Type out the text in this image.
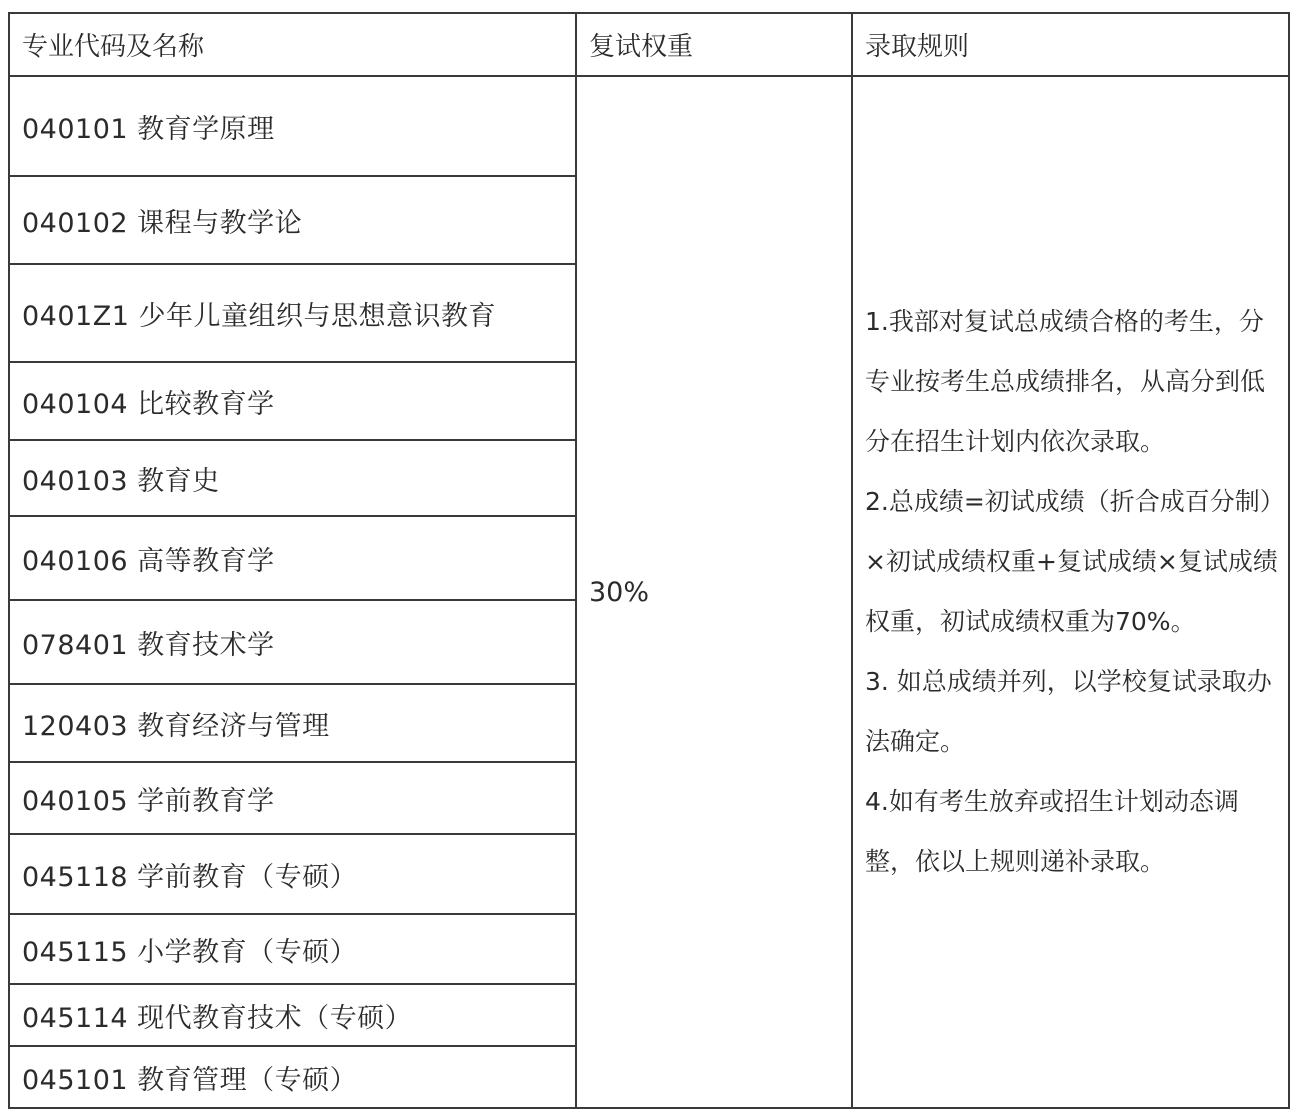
专业代码及名称	复试权重	录取规则
040101 教育学原理	30%	1.我部对复试总成绩合格的考生，分专业按考生总成绩排名，从高分到低分在招生计划内依次录取。

2.总成绩=初试成绩（折合成百分制）×初试成绩权重+复试成绩×复试成绩权重，初试成绩权重为70%。

3. 如总成绩并列，以学校复试录取办法确定。

4.如有考生放弃或招生计划动态调整，依以上规则递补录取。

040102 课程与教学论		
0401Z1 少年儿童组织与思想意识教育		
040104 比较教育学		
040103 教育史		
040106 高等教育学		
078401 教育技术学		
120403 教育经济与管理		
040105 学前教育学		
045118 学前教育（专硕）		
045115 小学教育（专硕）		
045114 现代教育技术（专硕）		
045101 教育管理（专硕）		
